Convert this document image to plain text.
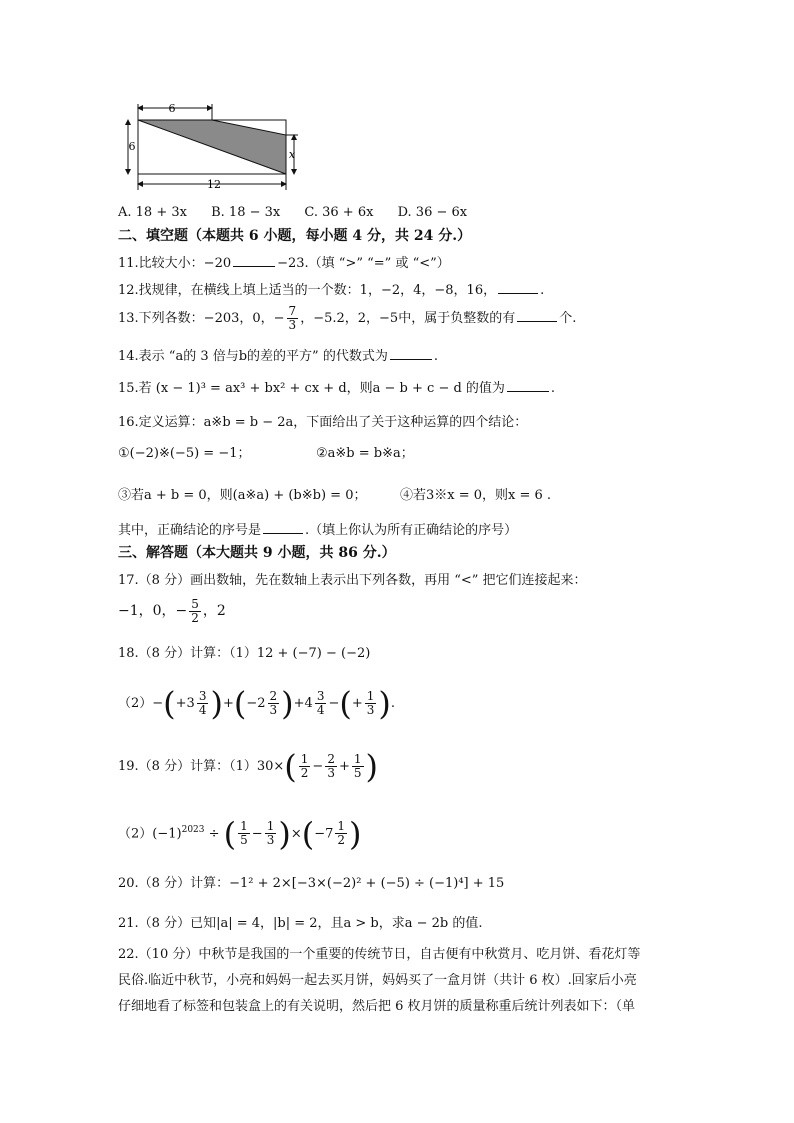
6
6
x
12
A. 18 + 3x B. 18 − 3x C. 36 + 6x D. 36 − 6x
二、填空题（本题共 6 小题，每小题 4 分，共 24 分.）
11.比较大小：−20	−23.（填 “>” “=” 或 “<”）
12.找规律，在横线上填上适当的一个数：1，−2，4，−8，16，	.
13.下列各数：−203，0，− $\frac{7}{3}$ ，−5.2，2，−5中，属于负整数的有	个.
14.表示 “a的 3 倍与b的差的平方” 的代数式为	.
15.若 (x − 1)³ = ax³ + bx² + cx + d，则a − b + c − d 的值为	.
16.定义运算：a※b = b − 2a，下面给出了关于这种运算的四个结论：
①(−2)※(−5) = −1；	②a※b = b※a；
③若a + b = 0，则(a※a) + (b※b) = 0；	④若3※x = 0，则x = 6 .
其中，正确结论的序号是	.（填上你认为所有正确结论的序号）
三、解答题（本大题共 9 小题，共 86 分.）
17.（8 分）画出数轴，先在数轴上表示出下列各数，再用 “<” 把它们连接起来：
−1，0，− $\frac{5}{2}$ ，2
18.（8 分）计算：（1）12 + (−7) − (−2)
$(2)-(+3 \frac{3}{4} )+(-2 \frac{2}{3} )+4 \frac{3}{4}$ −(+ $\frac{1}{3}$ ).
19.（8 分）计算：$(1)30\times( \frac{1}{2} - \frac{2}{3} + \frac{1}{5}$ )
$(2)(-1)^{2023}$ ÷ ( $\frac{1}{5} - \frac{1}{3} )\times(-7 \frac{1}{2}$ )
20.（8 分）计算：−1² + 2×[−3×(−2)² + (−5) ÷ (−1)⁴] + 15
21.（8 分）已知|a| = 4，|b| = 2，且a > b，求a − 2b 的值.
22.（10 分）中秋节是我国的一个重要的传统节日，自古便有中秋赏月、吃月饼、看花灯等
民俗.临近中秋节，小亮和妈妈一起去买月饼，妈妈买了一盒月饼（共计 6 枚）.回家后小亮
仔细地看了标签和包装盒上的有关说明，然后把 6 枚月饼的质量称重后统计列表如下：（单
